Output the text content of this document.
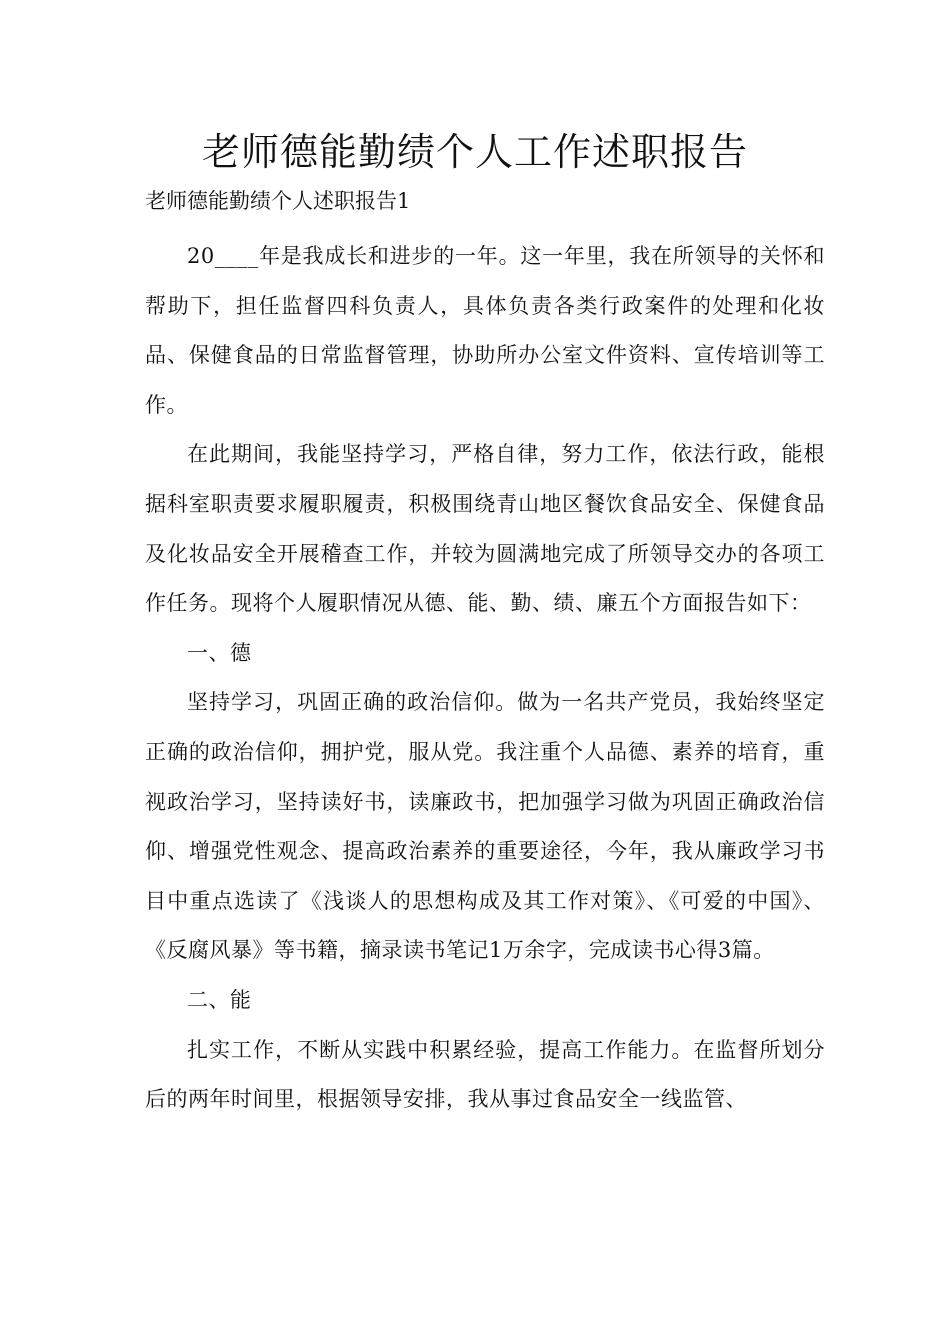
老师德能勤绩个人工作述职报告

老师德能勤绩个人述职报告1

20____年是我成长和进步的一年。这一年里，我在所领导的关怀和帮助下，担任监督四科负责人，具体负责各类行政案件的处理和化妆品、保健食品的日常监督管理，协助所办公室文件资料、宣传培训等工作。

在此期间，我能坚持学习，严格自律，努力工作，依法行政，能根据科室职责要求履职履责，积极围绕青山地区餐饮食品安全、保健食品及化妆品安全开展稽查工作，并较为圆满地完成了所领导交办的各项工作任务。现将个人履职情况从德、能、勤、绩、廉五个方面报告如下：

一、德

坚持学习，巩固正确的政治信仰。做为一名共产党员，我始终坚定正确的政治信仰，拥护党，服从党。我注重个人品德、素养的培育，重视政治学习，坚持读好书，读廉政书，把加强学习做为巩固正确政治信仰、增强党性观念、提高政治素养的重要途径，今年，我从廉政学习书目中重点选读了《浅谈人的思想构成及其工作对策》、《可爱的中国》、《反腐风暴》等书籍，摘录读书笔记1万余字，完成读书心得3篇。

二、能

扎实工作，不断从实践中积累经验，提高工作能力。在监督所划分后的两年时间里，根据领导安排，我从事过食品安全一线监管、
